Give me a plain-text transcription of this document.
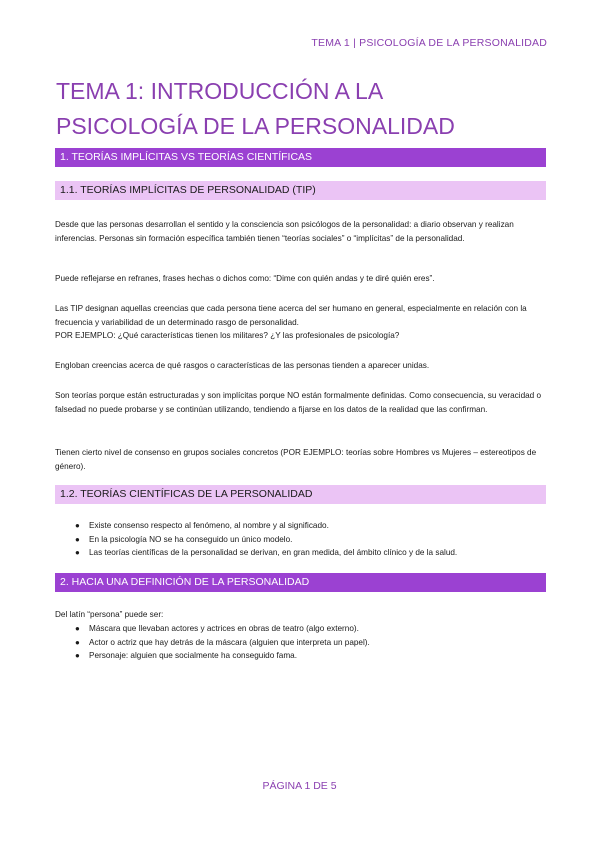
TEMA 1 | PSICOLOGÍA DE LA PERSONALIDAD
TEMA 1: INTRODUCCIÓN A LA
PSICOLOGÍA DE LA PERSONALIDAD
1. TEORÍAS IMPLÍCITAS VS TEORÍAS CIENTÍFICAS
1.1. TEORÍAS IMPLÍCITAS DE PERSONALIDAD (TIP)
Desde que las personas desarrollan el sentido y la consciencia son psicólogos de la personalidad: a diario observan y realizan inferencias. Personas sin formación específica también tienen “teorías sociales” o “implícitas” de la personalidad.
Puede reflejarse en refranes, frases hechas o dichos como: “Dime con quién andas y te diré quién eres”.
Las TIP designan aquellas creencias que cada persona tiene acerca del ser humano en general, especialmente en relación con la frecuencia y variabilidad de un determinado rasgo de personalidad.
POR EJEMPLO: ¿Qué características tienen los militares? ¿Y las profesionales de psicología?
Engloban creencias acerca de qué rasgos o características de las personas tienden a aparecer unidas.
Son teorías porque están estructuradas y son implícitas porque NO están formalmente definidas. Como consecuencia, su veracidad o falsedad no puede probarse y se continúan utilizando, tendiendo a fijarse en los datos de la realidad que las confirman.
Tienen cierto nivel de consenso en grupos sociales concretos (POR EJEMPLO: teorías sobre Hombres vs Mujeres – estereotipos de género).
1.2. TEORÍAS CIENTÍFICAS DE LA PERSONALIDAD
● Existe consenso respecto al fenómeno, al nombre y al significado.
● En la psicología NO se ha conseguido un único modelo.
● Las teorías científicas de la personalidad se derivan, en gran medida, del ámbito clínico y de la salud.
2. HACIA UNA DEFINICIÓN DE LA PERSONALIDAD
Del latín “persona” puede ser:
● Máscara que llevaban actores y actrices en obras de teatro (algo externo).
● Actor o actriz que hay detrás de la máscara (alguien que interpreta un papel).
● Personaje: alguien que socialmente ha conseguido fama.
PÁGINA 1 DE 5
